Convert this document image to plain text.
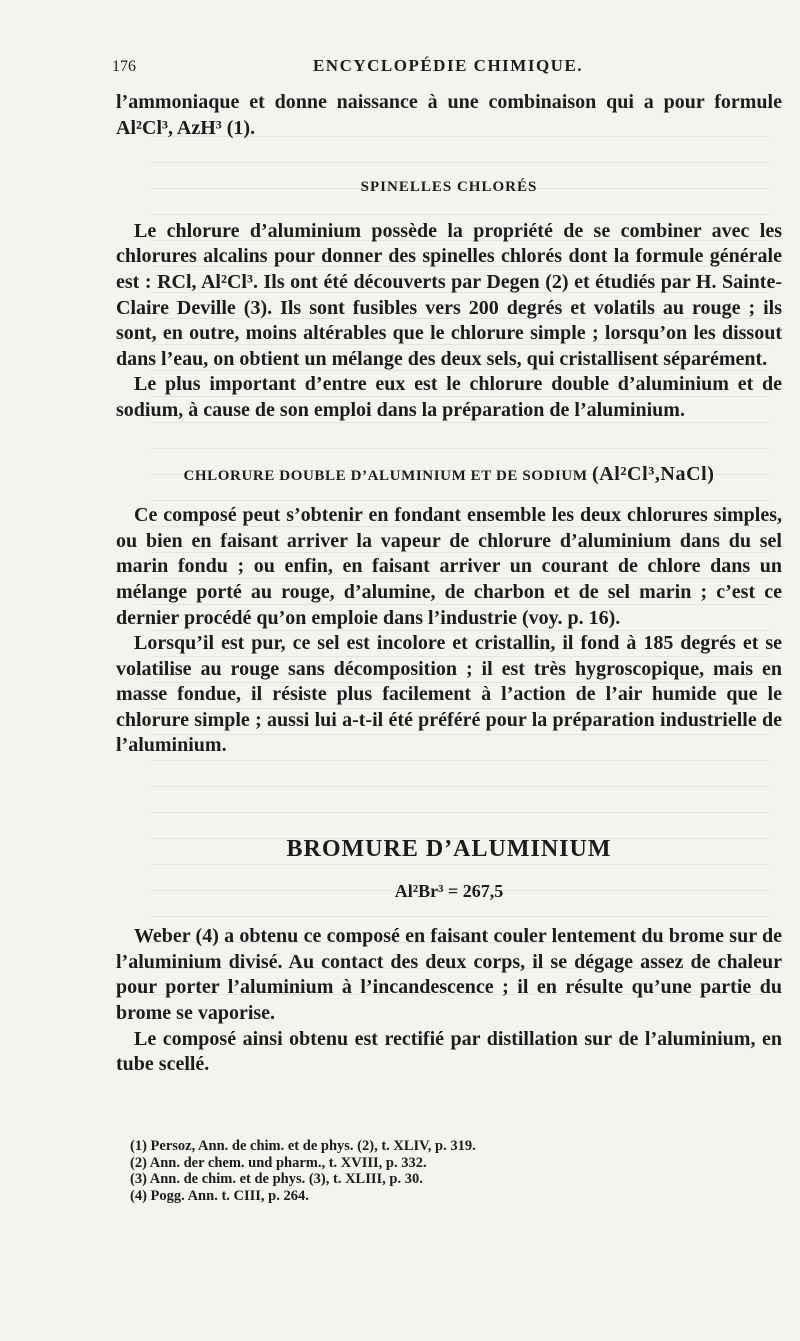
176	ENCYCLOPÉDIE CHIMIQUE.

l’ammoniaque et donne naissance à une combinaison qui a pour formule Al²Cl³, AzH³ (1).

SPINELLES CHLORÉS

Le chlorure d’aluminium possède la propriété de se combiner avec les chlorures alcalins pour donner des spinelles chlorés dont la formule générale est : RCl, Al²Cl³. Ils ont été découverts par Degen (2) et étudiés par H. Sainte-Claire Deville (3). Ils sont fusibles vers 200 degrés et volatils au rouge ; ils sont, en outre, moins altérables que le chlorure simple ; lorsqu’on les dissout dans l’eau, on obtient un mélange des deux sels, qui cristallisent séparément.

Le plus important d’entre eux est le chlorure double d’aluminium et de sodium, à cause de son emploi dans la préparation de l’aluminium.

CHLORURE DOUBLE D’ALUMINIUM ET DE SODIUM (Al²Cl³,NaCl)

Ce composé peut s’obtenir en fondant ensemble les deux chlorures simples, ou bien en faisant arriver la vapeur de chlorure d’aluminium dans du sel marin fondu ; ou enfin, en faisant arriver un courant de chlore dans un mélange porté au rouge, d’alumine, de charbon et de sel marin ; c’est ce dernier procédé qu’on emploie dans l’industrie (voy. p. 16).

Lorsqu’il est pur, ce sel est incolore et cristallin, il fond à 185 degrés et se volatilise au rouge sans décomposition ; il est très hygroscopique, mais en masse fondue, il résiste plus facilement à l’action de l’air humide que le chlorure simple ; aussi lui a-t-il été préféré pour la préparation industrielle de l’aluminium.

BROMURE D’ALUMINIUM
Al²Br³ = 267,5

Weber (4) a obtenu ce composé en faisant couler lentement du brome sur de l’aluminium divisé. Au contact des deux corps, il se dégage assez de chaleur pour porter l’aluminium à l’incandescence ; il en résulte qu’une partie du brome se vaporise.

Le composé ainsi obtenu est rectifié par distillation sur de l’aluminium, en tube scellé.

(1) Persoz, Ann. de chim. et de phys. (2), t. XLIV, p. 319.

(2) Ann. der chem. und pharm., t. XVIII, p. 332.

(3) Ann. de chim. et de phys. (3), t. XLIII, p. 30.

(4) Pogg. Ann. t. CIII, p. 264.
